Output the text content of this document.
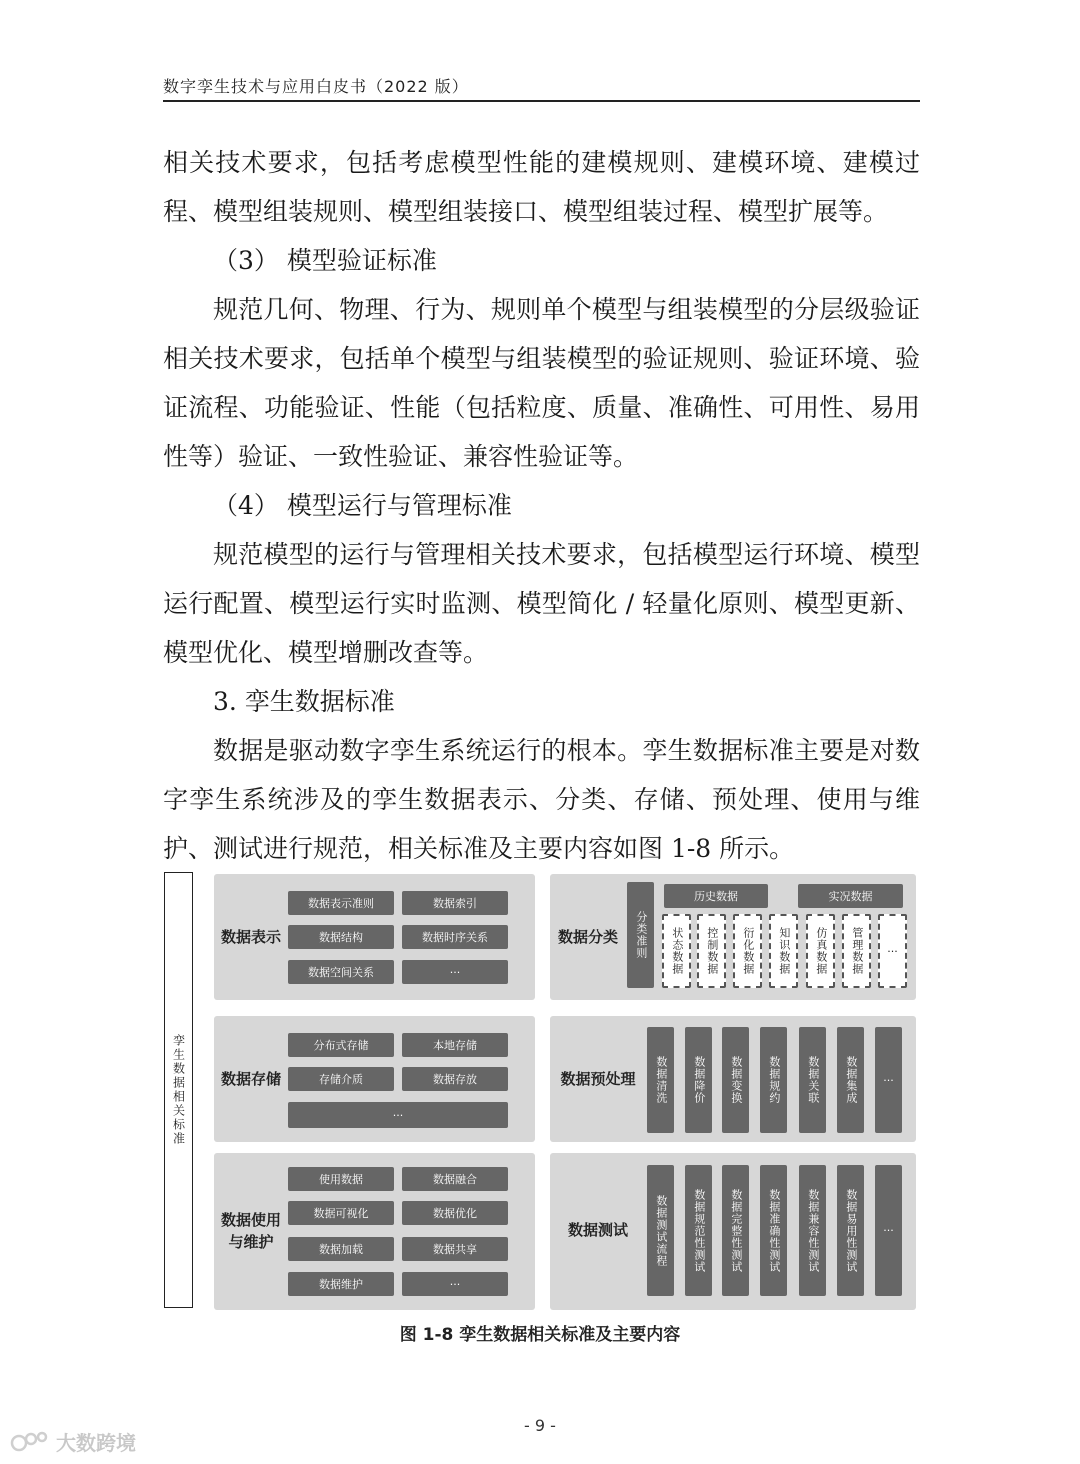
数字孪生技术与应用白皮书（2022 版）

相关技术要求，包括考虑模型性能的建模规则、建模环境、建模过程、模型组装规则、模型组装接口、模型组装过程、模型扩展等。

（3） 模型验证标准

规范几何、物理、行为、规则单个模型与组装模型的分层级验证相关技术要求，包括单个模型与组装模型的验证规则、验证环境、验证流程、功能验证、性能（包括粒度、质量、准确性、可用性、易用性等）验证、一致性验证、兼容性验证等。

（4） 模型运行与管理标准

规范模型的运行与管理相关技术要求，包括模型运行环境、模型运行配置、模型运行实时监测、模型简化 / 轻量化原则、模型更新、模型优化、模型增删改查等。

3. 孪生数据标准

数据是驱动数字孪生系统运行的根本。孪生数据标准主要是对数字孪生系统涉及的孪生数据表示、分类、存储、预处理、使用与维护、测试进行规范，相关标准及主要内容如图 1-8 所示。

孪生数据相关标准
数据表示
数据表示准则	数据索引
数据结构	数据时序关系
数据空间关系	···
数据存储
分布式存储	本地存储
存储介质	数据存放
···
数据使用与维护
使用数据	数据融合
数据可视化	数据优化
数据加载	数据共享
数据维护	···
数据分类	分类准则
历史数据	实况数据
状态数据 控制数据 衍化数据 知识数据 仿真数据 管理数据 ···
数据预处理	数据清洗 数据降价 数据变换 数据规约 数据关联 数据集成 ···
数据测试	数据测试流程 数据规范性测试 数据完整性测试 数据准确性测试 数据兼容性测试 数据易用性测试 ···
图 1-8 孪生数据相关标准及主要内容
- 9 -
大数跨境
